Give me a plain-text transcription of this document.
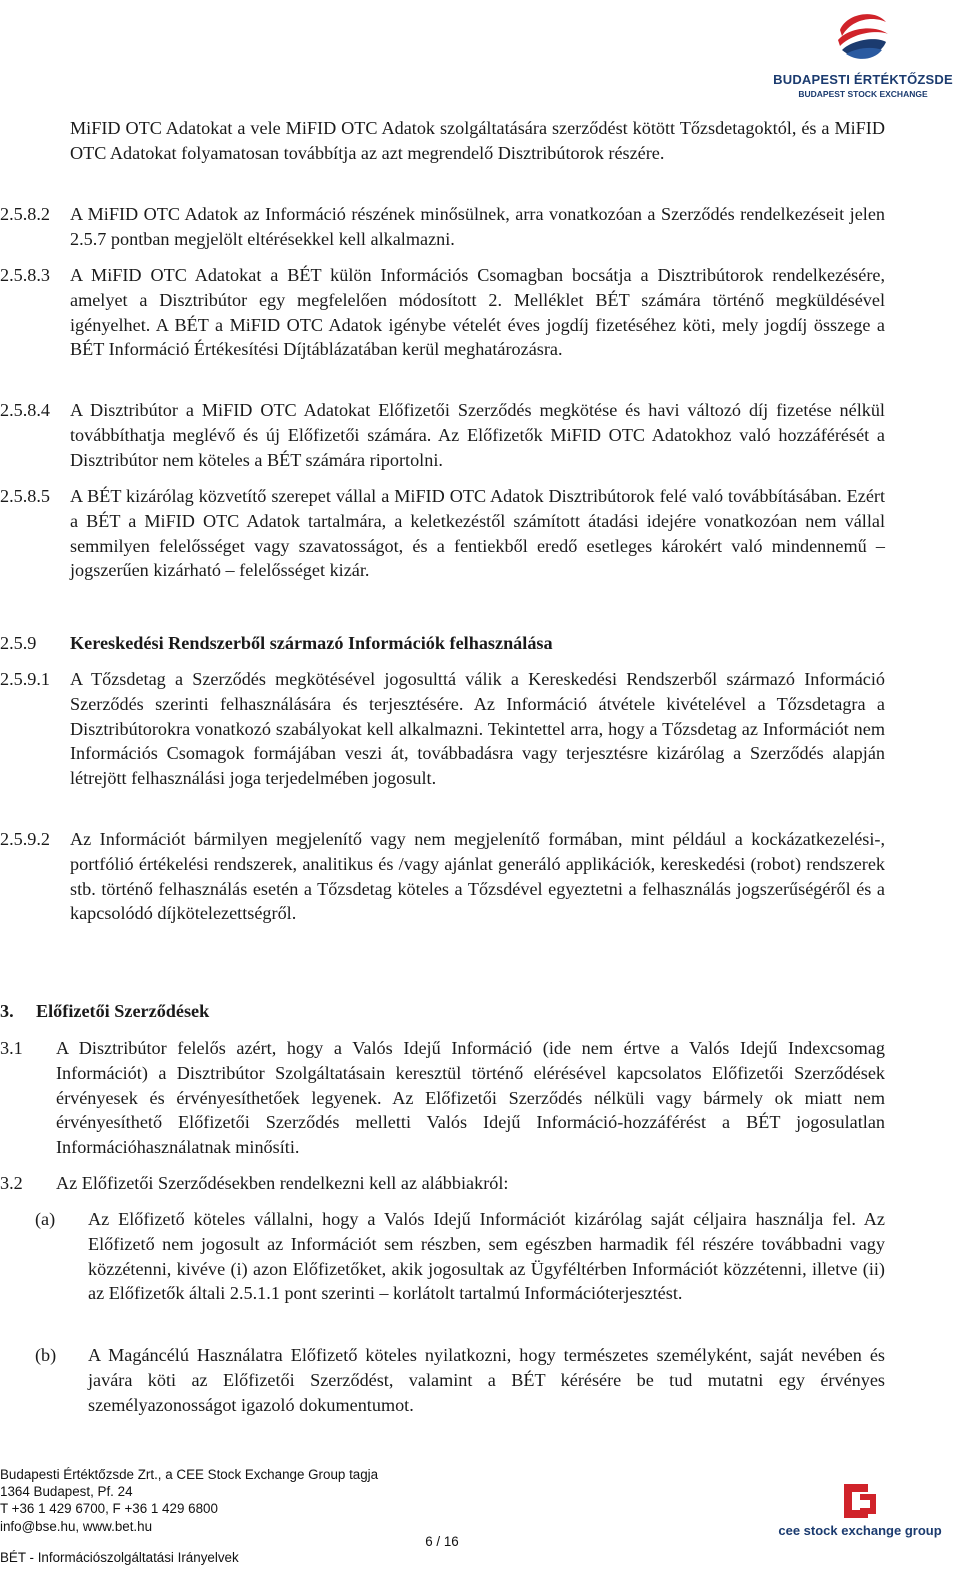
BUDAPESTI ÉRTÉKTŐZSDE
BUDAPEST STOCK EXCHANGE
MiFID OTC Adatokat a vele MiFID OTC Adatok szolgáltatására szerződést kötött Tőzsdetagoktól, és a MiFID OTC Adatokat folyamatosan továbbítja az azt megrendelő Disztribútorok részére.
2.5.8.2 A MiFID OTC Adatok az Információ részének minősülnek, arra vonatkozóan a Szerződés rendelkezéseit jelen 2.5.7 pontban megjelölt eltérésekkel kell alkalmazni.
2.5.8.3 A MiFID OTC Adatokat a BÉT külön Információs Csomagban bocsátja a Disztribútorok rendelkezésére, amelyet a Disztribútor egy megfelelően módosított 2. Melléklet BÉT számára történő megküldésével igényelhet. A BÉT a MiFID OTC Adatok igénybe vételét éves jogdíj fizetéséhez köti, mely jogdíj összege a BÉT Információ Értékesítési Díjtáblázatában kerül meghatározásra.
2.5.8.4 A Disztribútor a MiFID OTC Adatokat Előfizetői Szerződés megkötése és havi változó díj fizetése nélkül továbbíthatja meglévő és új Előfizetői számára. Az Előfizetők MiFID OTC Adatokhoz való hozzáférését a Disztribútor nem köteles a BÉT számára riportolni.
2.5.8.5 A BÉT kizárólag közvetítő szerepet vállal a MiFID OTC Adatok Disztribútorok felé való továbbításában. Ezért a BÉT a MiFID OTC Adatok tartalmára, a keletkezéstől számított átadási idejére vonatkozóan nem vállal semmilyen felelősséget vagy szavatosságot, és a fentiekből eredő esetleges károkért való mindennemű – jogszerűen kizárható – felelősséget kizár.
2.5.9 Kereskedési Rendszerből származó Információk felhasználása
2.5.9.1 A Tőzsdetag a Szerződés megkötésével jogosulttá válik a Kereskedési Rendszerből származó Információ Szerződés szerinti felhasználására és terjesztésére. Az Információ átvétele kivételével a Tőzsdetagra a Disztribútorokra vonatkozó szabályokat kell alkalmazni. Tekintettel arra, hogy a Tőzsdetag az Információt nem Információs Csomagok formájában veszi át, továbbadásra vagy terjesztésre kizárólag a Szerződés alapján létrejött felhasználási joga terjedelmében jogosult.
2.5.9.2 Az Információt bármilyen megjelenítő vagy nem megjelenítő formában, mint például a kockázatkezelési-, portfólió értékelési rendszerek, analitikus és /vagy ajánlat generáló applikációk, kereskedési (robot) rendszerek stb. történő felhasználás esetén a Tőzsdetag köteles a Tőzsdével egyeztetni a felhasználás jogszerűségéről és a kapcsolódó díjkötelezettségről.
3. Előfizetői Szerződések
3.1 A Disztribútor felelős azért, hogy a Valós Idejű Információ (ide nem értve a Valós Idejű Indexcsomag Információt) a Disztribútor Szolgáltatásain keresztül történő elérésével kapcsolatos Előfizetői Szerződések érvényesek és érvényesíthetőek legyenek. Az Előfizetői Szerződés nélküli vagy bármely ok miatt nem érvényesíthető Előfizetői Szerződés melletti Valós Idejű Információ-hozzáférést a BÉT jogosulatlan Információhasználatnak minősíti.
3.2 Az Előfizetői Szerződésekben rendelkezni kell az alábbiakról:
(a) Az Előfizető köteles vállalni, hogy a Valós Idejű Információt kizárólag saját céljaira használja fel. Az Előfizető nem jogosult az Információt sem részben, sem egészben harmadik fél részére továbbadni vagy közzétenni, kivéve (i) azon Előfizetőket, akik jogosultak az Ügyféltérben Információt közzétenni, illetve (ii) az Előfizetők általi 2.5.1.1 pont szerinti – korlátolt tartalmú Információterjesztést.
(b) A Magáncélú Használatra Előfizető köteles nyilatkozni, hogy természetes személyként, saját nevében és javára köti az Előfizetői Szerződést, valamint a BÉT kérésére be tud mutatni egy érvényes személyazonosságot igazoló dokumentumot.
Budapesti Értéktőzsde Zrt., a CEE Stock Exchange Group tagja
1364 Budapest, Pf. 24
T +36 1 429 6700, F +36 1 429 6800
info@bse.hu, www.bet.hu
BÉT - Információszolgáltatási Irányelvek
6 / 16
cee stock exchange group
